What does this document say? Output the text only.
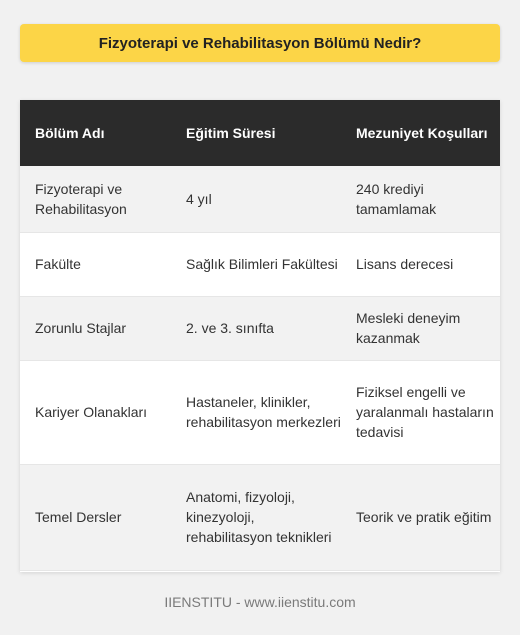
Fizyoterapi ve Rehabilitasyon Bölümü Nedir?
Bölüm Adı	Eğitim Süresi	Mezuniyet Koşulları
Fizyoterapi ve Rehabilitasyon	4 yıl	240 krediyi tamamlamak
Fakülte	Sağlık Bilimleri Fakültesi	Lisans derecesi
Zorunlu Stajlar	2. ve 3. sınıfta	Mesleki deneyim kazanmak
Kariyer Olanakları	Hastaneler, klinikler, rehabilitasyon merkezleri	Fiziksel engelli ve yaralanmalı hastaların tedavisi
Temel Dersler	Anatomi, fizyoloji, kinezyoloji, rehabilitasyon teknikleri	Teorik ve pratik eğitim
IIENSTITU - www.iienstitu.com
